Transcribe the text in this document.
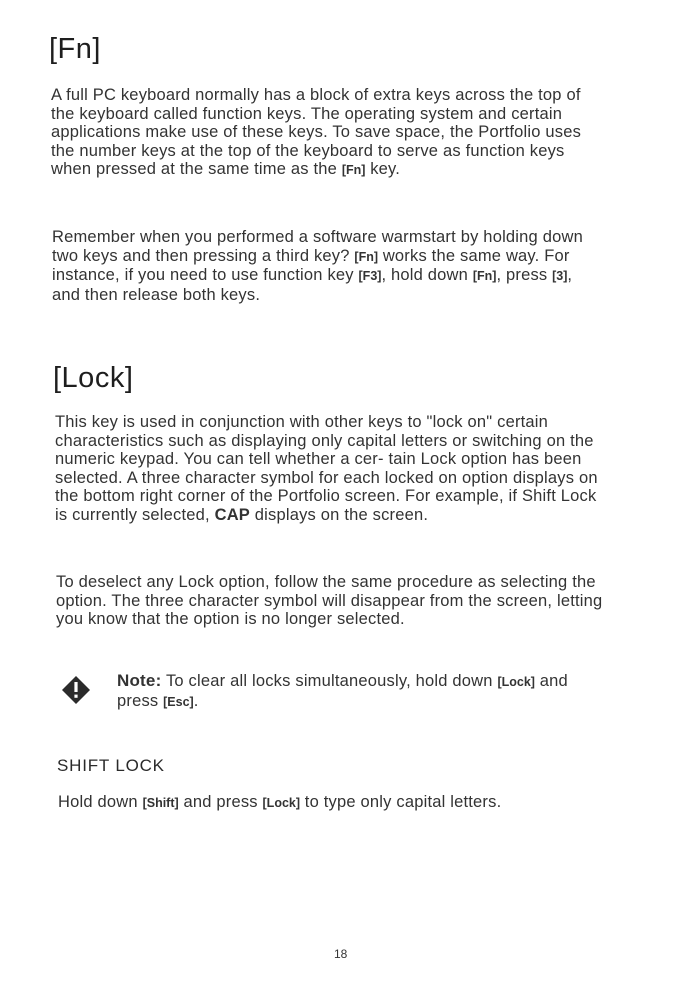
[Fn]

A full PC keyboard normally has a block of extra keys across the top of the keyboard called function keys. The operating system and certain applications make use of these keys. To save space, the Portfolio uses the number keys at the top of the keyboard to serve as function keys when pressed at the same time as the [Fn] key.

Remember when you performed a software warmstart by holding down two keys and then pressing a third key? [Fn] works the same way. For instance, if you need to use function key [F3], hold down [Fn], press [3], and then release both keys.

[Lock]

This key is used in conjunction with other keys to "lock on" certain characteristics such as displaying only capital letters or switching on the numeric keypad. You can tell whether a cer- tain Lock option has been selected. A three character symbol for each locked on option displays on the bottom right corner of the Portfolio screen. For example, if Shift Lock is currently selected, CAP displays on the screen.

To deselect any Lock option, follow the same procedure as selecting the option. The three character symbol will disappear from the screen, letting you know that the option is no longer selected.

Note: To clear all locks simultaneously, hold down [Lock] and press [Esc].

SHIFT LOCK

Hold down [Shift] and press [Lock] to type only capital letters.

18
